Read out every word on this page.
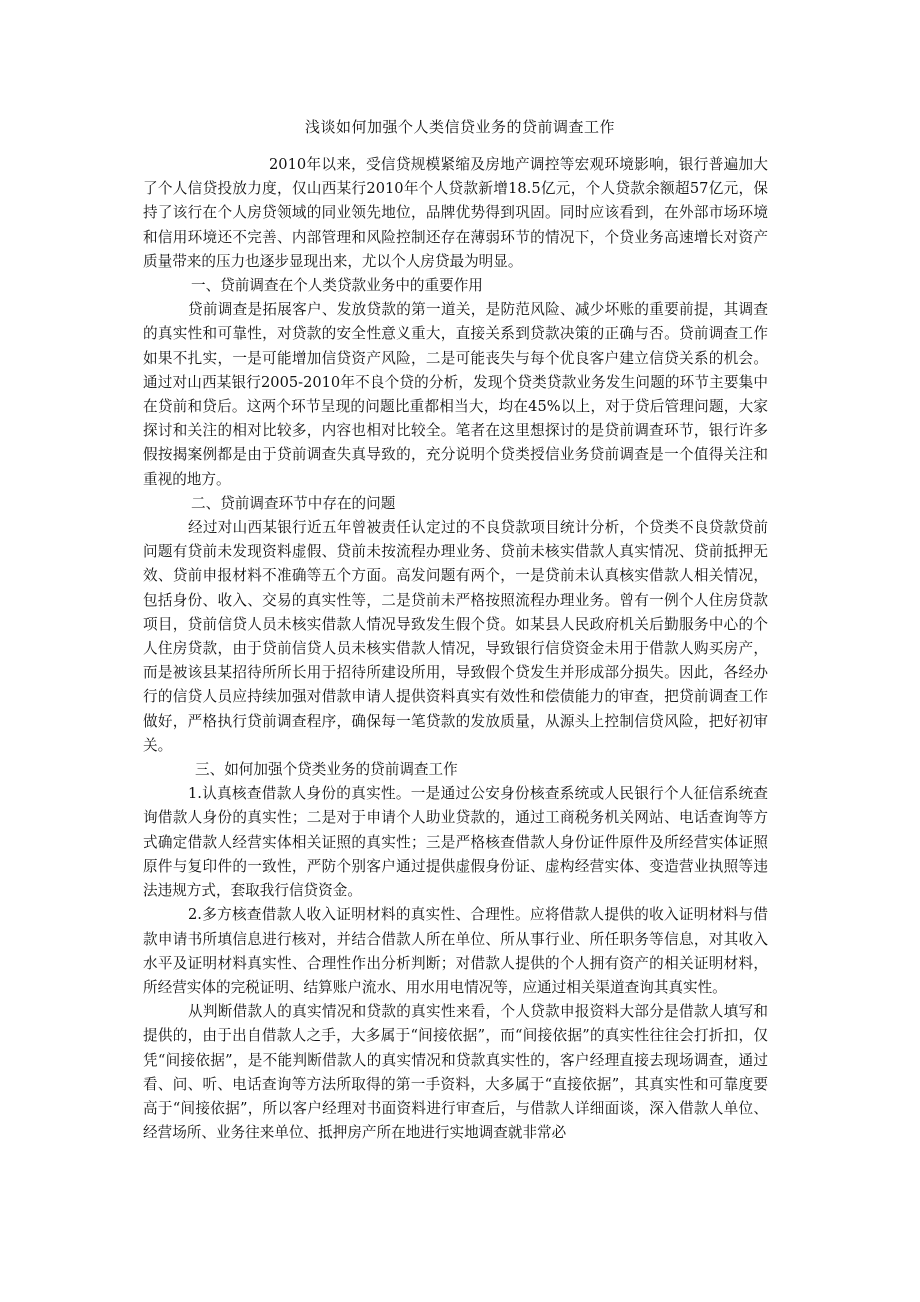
浅谈如何加强个人类信贷业务的贷前调查工作

2010年以来，受信贷规模紧缩及房地产调控等宏观环境影响，银行普遍加大了个人信贷投放力度，仅山西某行2010年个人贷款新增18.5亿元，个人贷款余额超57亿元，保持了该行在个人房贷领域的同业领先地位，品牌优势得到巩固。同时应该看到，在外部市场环境和信用环境还不完善、内部管理和风险控制还存在薄弱环节的情况下，个贷业务高速增长对资产质量带来的压力也逐步显现出来，尤以个人房贷最为明显。

一、贷前调查在个人类贷款业务中的重要作用

贷前调查是拓展客户、发放贷款的第一道关，是防范风险、减少坏账的重要前提，其调查的真实性和可靠性，对贷款的安全性意义重大，直接关系到贷款决策的正确与否。贷前调查工作如果不扎实，一是可能增加信贷资产风险，二是可能丧失与每个优良客户建立信贷关系的机会。通过对山西某银行2005-2010年不良个贷的分析，发现个贷类贷款业务发生问题的环节主要集中在贷前和贷后。这两个环节呈现的问题比重都相当大，均在45%以上，对于贷后管理问题，大家探讨和关注的相对比较多，内容也相对比较全。笔者在这里想探讨的是贷前调查环节，银行许多假按揭案例都是由于贷前调查失真导致的，充分说明个贷类授信业务贷前调查是一个值得关注和重视的地方。

二、贷前调查环节中存在的问题

经过对山西某银行近五年曾被责任认定过的不良贷款项目统计分析，个贷类不良贷款贷前问题有贷前未发现资料虚假、贷前未按流程办理业务、贷前未核实借款人真实情况、贷前抵押无效、贷前申报材料不准确等五个方面。高发问题有两个，一是贷前未认真核实借款人相关情况，包括身份、收入、交易的真实性等，二是贷前未严格按照流程办理业务。曾有一例个人住房贷款项目，贷前信贷人员未核实借款人情况导致发生假个贷。如某县人民政府机关后勤服务中心的个人住房贷款，由于贷前信贷人员未核实借款人情况，导致银行信贷资金未用于借款人购买房产，而是被该县某招待所所长用于招待所建设所用，导致假个贷发生并形成部分损失。因此，各经办行的信贷人员应持续加强对借款申请人提供资料真实有效性和偿债能力的审查，把贷前调查工作做好，严格执行贷前调查程序，确保每一笔贷款的发放质量，从源头上控制信贷风险，把好初审关。

三、如何加强个贷类业务的贷前调查工作

1.认真核查借款人身份的真实性。一是通过公安身份核查系统或人民银行个人征信系统查询借款人身份的真实性；二是对于申请个人助业贷款的，通过工商税务机关网站、电话查询等方式确定借款人经营实体相关证照的真实性；三是严格核查借款人身份证件原件及所经营实体证照原件与复印件的一致性，严防个别客户通过提供虚假身份证、虚构经营实体、变造营业执照等违法违规方式，套取我行信贷资金。

2.多方核查借款人收入证明材料的真实性、合理性。应将借款人提供的收入证明材料与借款申请书所填信息进行核对，并结合借款人所在单位、所从事行业、所任职务等信息，对其收入水平及证明材料真实性、合理性作出分析判断；对借款人提供的个人拥有资产的相关证明材料，所经营实体的完税证明、结算账户流水、用水用电情况等，应通过相关渠道查询其真实性。

从判断借款人的真实情况和贷款的真实性来看，个人贷款申报资料大部分是借款人填写和提供的，由于出自借款人之手，大多属于“间接依据”，而“间接依据”的真实性往往会打折扣，仅凭“间接依据”，是不能判断借款人的真实情况和贷款真实性的，客户经理直接去现场调查，通过看、问、听、电话查询等方法所取得的第一手资料，大多属于“直接依据”，其真实性和可靠度要高于“间接依据”，所以客户经理对书面资料进行审查后，与借款人详细面谈，深入借款人单位、经营场所、业务往来单位、抵押房产所在地进行实地调查就非常必
